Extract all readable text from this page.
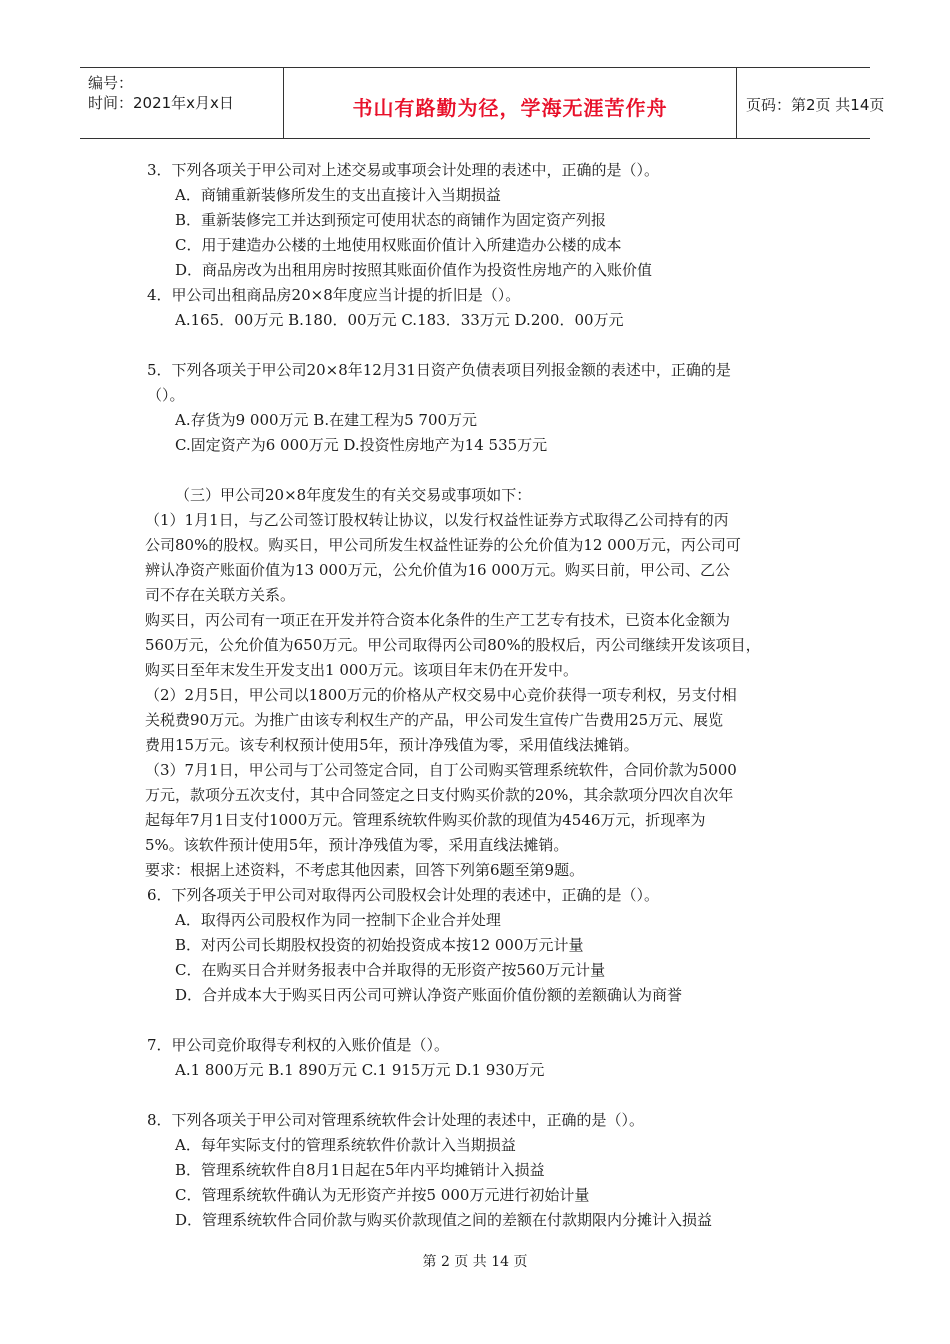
编号：
时间：2021年x月x日	书山有路勤为径，学海无涯苦作舟	页码：第2页 共14页
3．下列各项关于甲公司对上述交易或事项会计处理的表述中，正确的是（）。
A．商铺重新装修所发生的支出直接计入当期损益
B．重新装修完工并达到预定可使用状态的商铺作为固定资产列报
C．用于建造办公楼的土地使用权账面价值计入所建造办公楼的成本
D．商品房改为出租用房时按照其账面价值作为投资性房地产的入账价值
4．甲公司出租商品房20×8年度应当计提的折旧是（）。
A.165．00万元 B.180．00万元 C.183．33万元 D.200．00万元
5．下列各项关于甲公司20×8年12月31日资产负债表项目列报金额的表述中，正确的是
（）。
A.存货为9 000万元 B.在建工程为5 700万元
C.固定资产为6 000万元 D.投资性房地产为14 535万元
（三）甲公司20×8年度发生的有关交易或事项如下：
（1）1月1日，与乙公司签订股权转让协议，以发行权益性证券方式取得乙公司持有的丙
公司80%的股权。购买日，甲公司所发生权益性证券的公允价值为12 000万元，丙公司可
辨认净资产账面价值为13 000万元，公允价值为16 000万元。购买日前，甲公司、乙公
司不存在关联方关系。
购买日，丙公司有一项正在开发并符合资本化条件的生产工艺专有技术，已资本化金额为
560万元，公允价值为650万元。甲公司取得丙公司80%的股权后，丙公司继续开发该项目，
购买日至年末发生开发支出1 000万元。该项目年末仍在开发中。
（2）2月5日，甲公司以1800万元的价格从产权交易中心竞价获得一项专利权，另支付相
关税费90万元。为推广由该专利权生产的产品，甲公司发生宣传广告费用25万元、展览
费用15万元。该专利权预计使用5年，预计净残值为零，采用值线法摊销。
（3）7月1日，甲公司与丁公司签定合同，自丁公司购买管理系统软件，合同价款为5000
万元，款项分五次支付，其中合同签定之日支付购买价款的20%，其余款项分四次自次年
起每年7月1日支付1000万元。管理系统软件购买价款的现值为4546万元，折现率为
5%。该软件预计使用5年，预计净残值为零，采用直线法摊销。
要求：根据上述资料，不考虑其他因素，回答下列第6题至第9题。
6．下列各项关于甲公司对取得丙公司股权会计处理的表述中，正确的是（）。
A．取得丙公司股权作为同一控制下企业合并处理
B．对丙公司长期股权投资的初始投资成本按12 000万元计量
C．在购买日合并财务报表中合并取得的无形资产按560万元计量
D．合并成本大于购买日丙公司可辨认净资产账面价值份额的差额确认为商誉
7．甲公司竞价取得专利权的入账价值是（）。
A.1 800万元 B.1 890万元 C.1 915万元 D.1 930万元
8．下列各项关于甲公司对管理系统软件会计处理的表述中，正确的是（）。
A．每年实际支付的管理系统软件价款计入当期损益
B．管理系统软件自8月1日起在5年内平均摊销计入损益
C．管理系统软件确认为无形资产并按5 000万元进行初始计量
D．管理系统软件合同价款与购买价款现值之间的差额在付款期限内分摊计入损益
第 2 页 共 14 页
